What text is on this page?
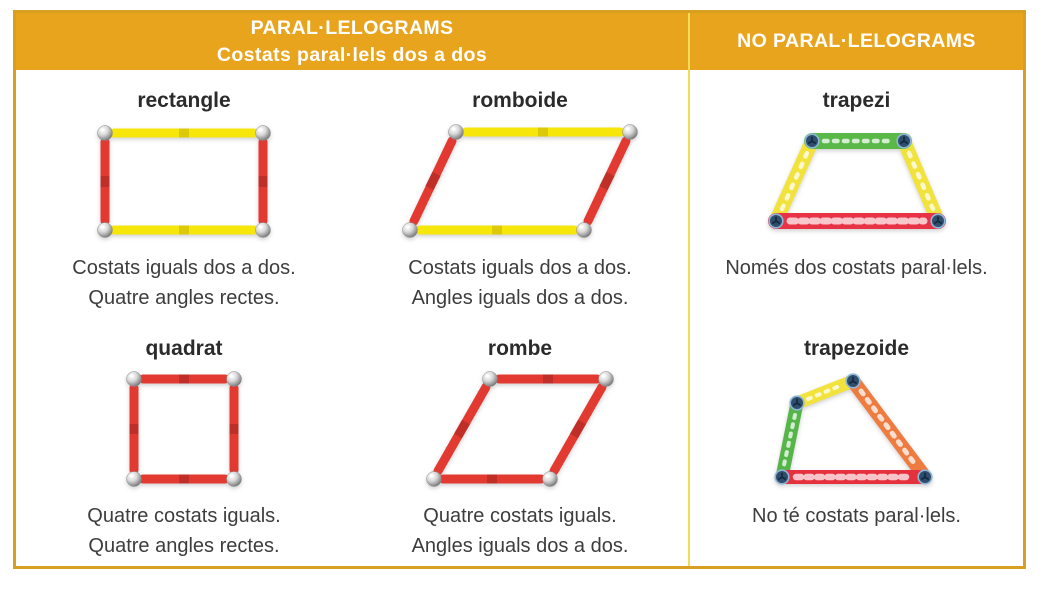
PARAL·LELOGRAMS
Costats paral·lels dos a dos
rectangle
Costats iguals dos a dos.
Quatre angles rectes.
romboide
Costats iguals dos a dos.
Angles iguals dos a dos.
quadrat
Quatre costats iguals.
Quatre angles rectes.
rombe
Quatre costats iguals.
Angles iguals dos a dos.
NO PARAL·LELOGRAMS
trapezi
Només dos costats paral·lels.
trapezoide
No té costats paral·lels.
